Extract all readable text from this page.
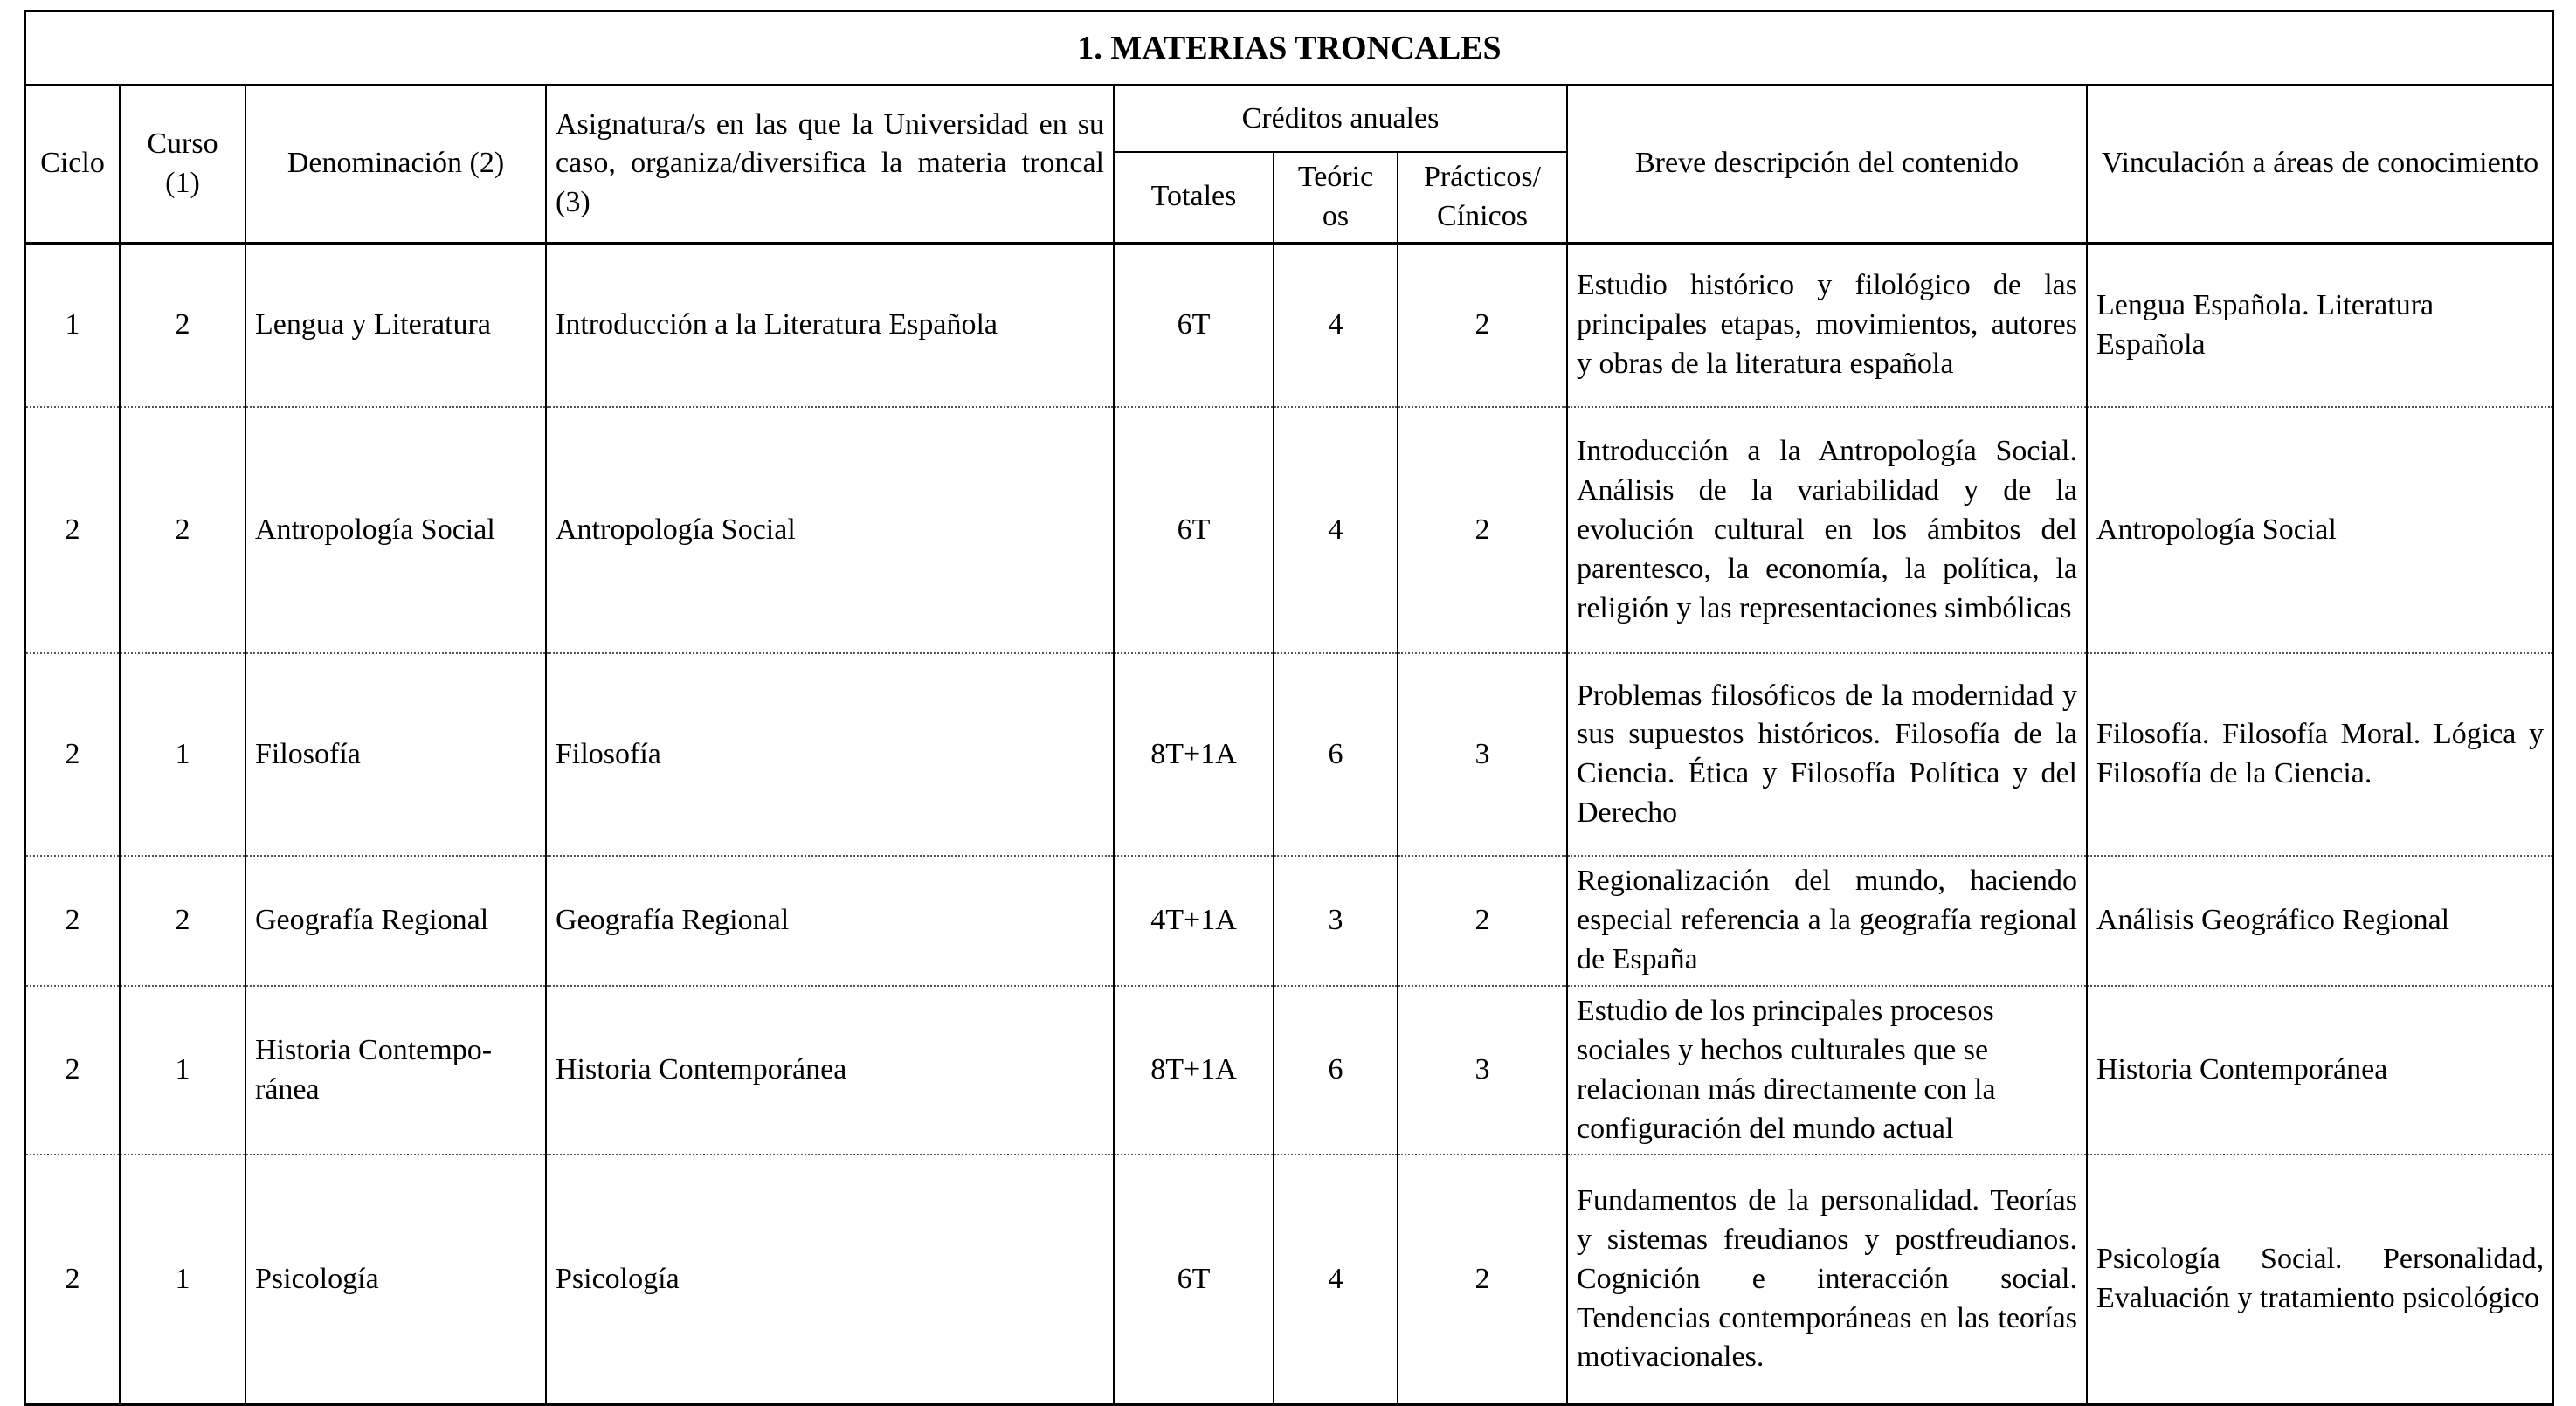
1. MATERIAS TRONCALES								
Ciclo	Curso (1)	Denominación (2)	Asignatura/s en las que la Universidad en su caso, organiza/diversifica la materia troncal (3)	Créditos anuales			Breve descripción del contenido	Vinculación a áreas de conocimiento
				Totales	Teóric os	Prácticos/ Cínicos		
1	2	Lengua y Literatura	Introducción a la Literatura Española	6T	4	2	Estudio histórico y filológico de las principales etapas, movimientos, autores y obras de la literatura española	Lengua Española. Literatura Española
2	2	Antropología Social	Antropología Social	6T	4	2	Introducción a la Antropología Social. Análisis de la variabilidad y de la evolución cultural en los ámbitos del parentesco, la economía, la política, la religión y las representaciones simbólicas	Antropología Social
2	1	Filosofía	Filosofía	8T+1A	6	3	Problemas filosóficos de la modernidad y sus supuestos históricos. Filosofía de la Ciencia. Ética y Filosofía Política y del Derecho	Filosofía. Filosofía Moral. Lógica y Filosofía de la Ciencia.
2	2	Geografía Regional	Geografía Regional	4T+1A	3	2	Regionalización del mundo, haciendo especial referencia a la geografía regional de España	Análisis Geográfico Regional
2	1	Historia Contempo-ránea	Historia Contemporánea	8T+1A	6	3	Estudio de los principales procesos sociales y hechos culturales que se relacionan más directamente con la configuración del mundo actual	Historia Contemporánea
2	1	Psicología	Psicología	6T	4	2	Fundamentos de la personalidad. Teorías y sistemas freudianos y postfreudianos. Cognición e interacción social. Tendencias contemporáneas en las teorías motivacionales.	Psicología Social. Personalidad, Evaluación y tratamiento psicológico
